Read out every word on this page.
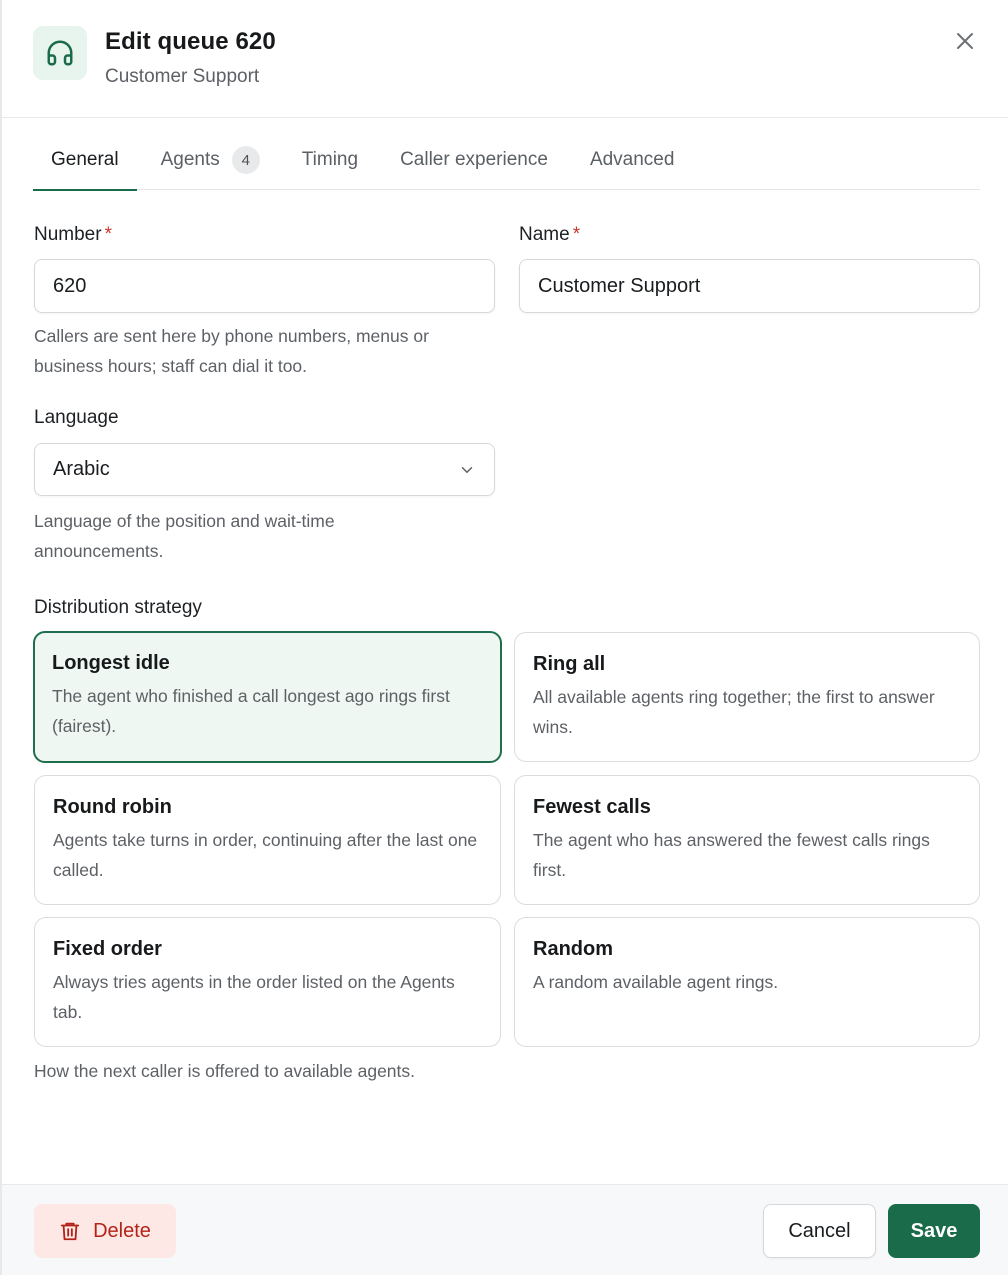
Edit queue 620
Customer Support
General Agents	4	Timing Caller experience Advanced
Number *
620	Name *
Customer Support
Callers are sent here by phone numbers, menus or business hours; staff can dial it too.
Language
Arabic
Language of the position and wait-time announcements.
Distribution strategy
Longest idle
The agent who finished a call longest ago rings first (fairest).
Ring all
All available agents ring together; the first to answer wins.
Round robin
Agents take turns in order, continuing after the last one called.
Fewest calls
The agent who has answered the fewest calls rings first.
Fixed order
Always tries agents in the order listed on the Agents tab.
Random
A random available agent rings.
How the next caller is offered to available agents.
Delete	Cancel	Save
